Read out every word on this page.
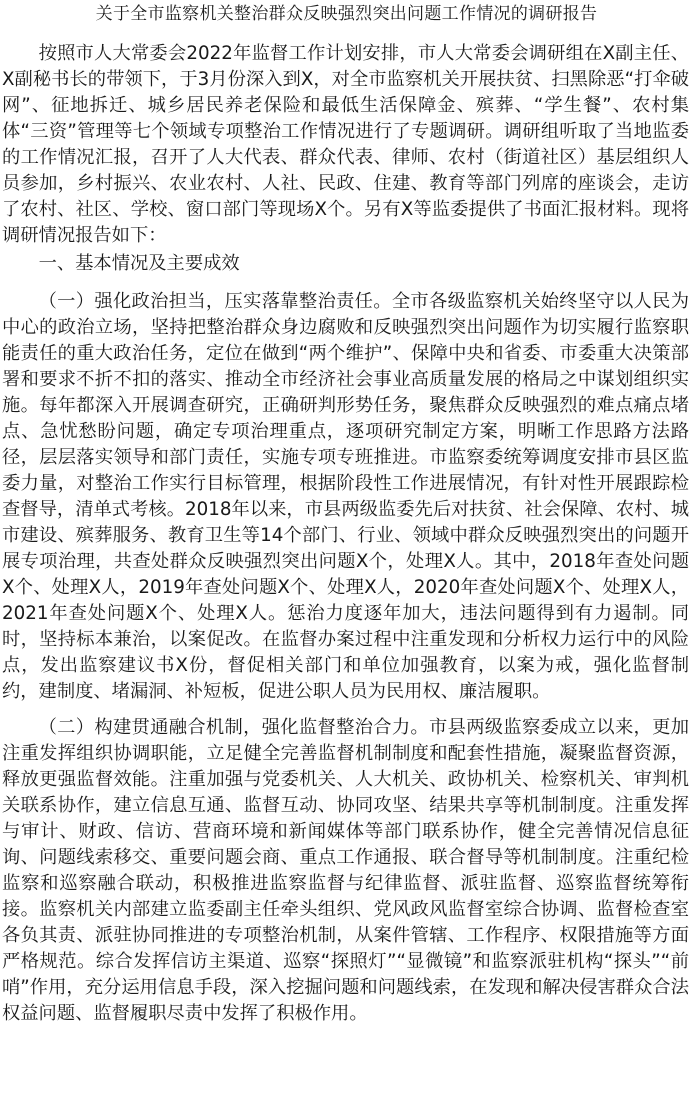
关于全市监察机关整治群众反映强烈突出问题工作情况的调研报告

按照市人大常委会2022年监督工作计划安排，市人大常委会调研组在X副主任、X副秘书长的带领下，于3月份深入到X，对全市监察机关开展扶贫、扫黑除恶“打伞破网”、征地拆迁、城乡居民养老保险和最低生活保障金、殡葬、“学生餐”、农村集体“三资”管理等七个领域专项整治工作情况进行了专题调研。调研组听取了当地监委的工作情况汇报，召开了人大代表、群众代表、律师、农村（街道社区）基层组织人员参加，乡村振兴、农业农村、人社、民政、住建、教育等部门列席的座谈会，走访了农村、社区、学校、窗口部门等现场X个。另有X等监委提供了书面汇报材料。现将调研情况报告如下：

一、基本情况及主要成效

（一）强化政治担当，压实落靠整治责任。全市各级监察机关始终坚守以人民为中心的政治立场，坚持把整治群众身边腐败和反映强烈突出问题作为切实履行监察职能责任的重大政治任务，定位在做到“两个维护”、保障中央和省委、市委重大决策部署和要求不折不扣的落实、推动全市经济社会事业高质量发展的格局之中谋划组织实施。每年都深入开展调查研究，正确研判形势任务，聚焦群众反映强烈的难点痛点堵点、急忧愁盼问题，确定专项治理重点，逐项研究制定方案，明晰工作思路方法路径，层层落实领导和部门责任，实施专项专班推进。市监察委统筹调度安排市县区监委力量，对整治工作实行目标管理，根据阶段性工作进展情况，有针对性开展跟踪检查督导，清单式考核。2018年以来，市县两级监委先后对扶贫、社会保障、农村、城市建设、殡葬服务、教育卫生等14个部门、行业、领域中群众反映强烈突出的问题开展专项治理，共查处群众反映强烈突出问题X个，处理X人。其中，2018年查处问题X个、处理X人，2019年查处问题X个、处理X人，2020年查处问题X个、处理X人，2021年查处问题X个、处理X人。惩治力度逐年加大，违法问题得到有力遏制。同时，坚持标本兼治，以案促改。在监督办案过程中注重发现和分析权力运行中的风险点，发出监察建议书X份，督促相关部门和单位加强教育，以案为戒，强化监督制约，建制度、堵漏洞、补短板，促进公职人员为民用权、廉洁履职。

（二）构建贯通融合机制，强化监督整治合力。市县两级监察委成立以来，更加注重发挥组织协调职能，立足健全完善监督机制制度和配套性措施，凝聚监督资源，释放更强监督效能。注重加强与党委机关、人大机关、政协机关、检察机关、审判机关联系协作，建立信息互通、监督互动、协同攻坚、结果共享等机制制度。注重发挥与审计、财政、信访、营商环境和新闻媒体等部门联系协作，健全完善情况信息征询、问题线索移交、重要问题会商、重点工作通报、联合督导等机制制度。注重纪检监察和巡察融合联动，积极推进监察监督与纪律监督、派驻监督、巡察监督统筹衔接。监察机关内部建立监委副主任牵头组织、党风政风监督室综合协调、监督检查室各负其责、派驻协同推进的专项整治机制，从案件管辖、工作程序、权限措施等方面严格规范。综合发挥信访主渠道、巡察“探照灯”“显微镜”和监察派驻机构“探头”“前哨”作用，充分运用信息手段，深入挖掘问题和问题线索，在发现和解决侵害群众合法权益问题、监督履职尽责中发挥了积极作用。
